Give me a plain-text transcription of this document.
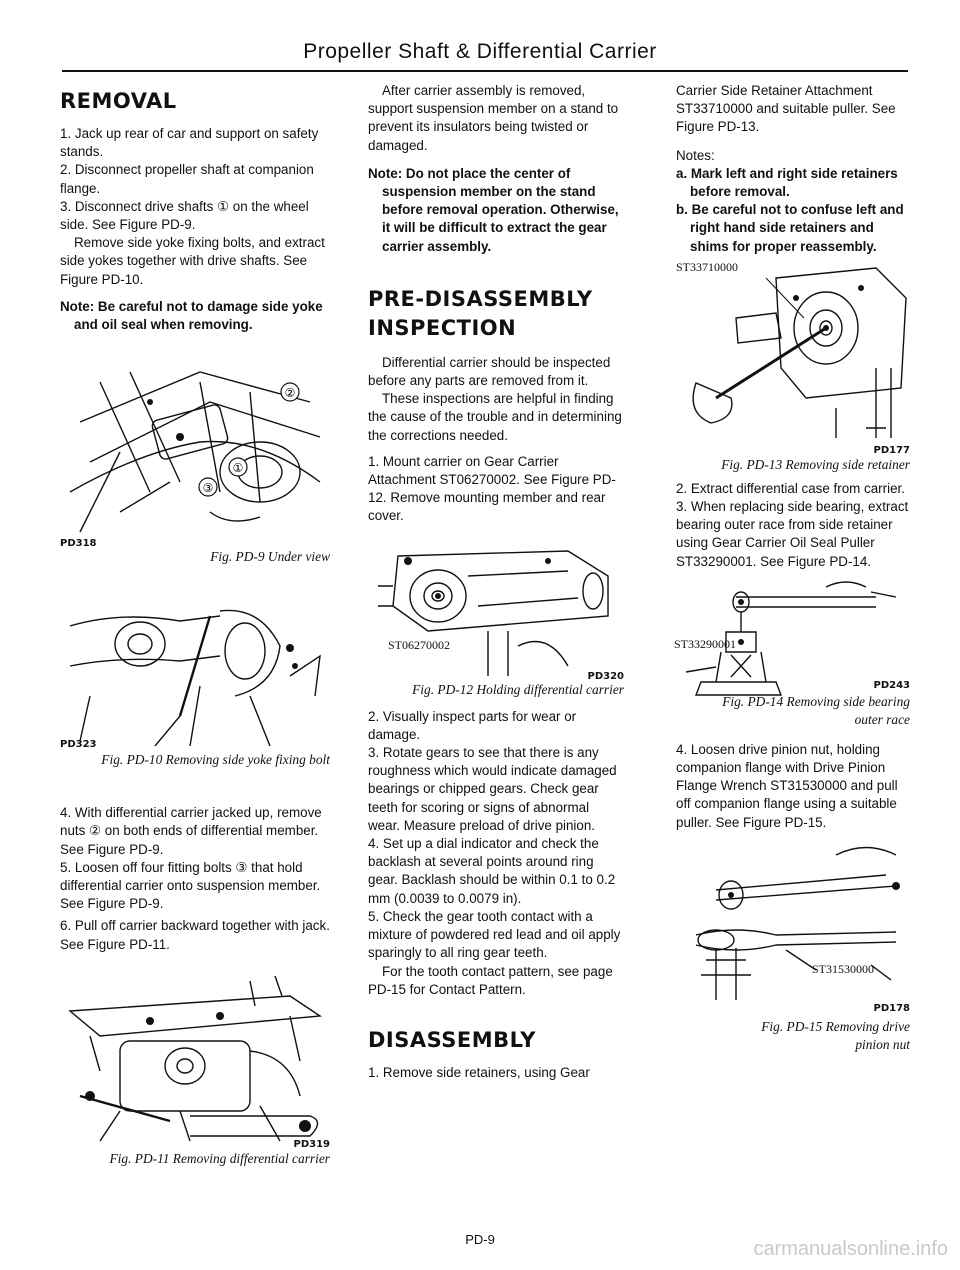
Propeller Shaft & Differential Carrier
REMOVAL

1. Jack up rear of car and support on safety stands.

2. Disconnect propeller shaft at companion flange.

3. Disconnect drive shafts ① on the wheel side. See Figure PD-9.

Remove side yoke fixing bolts, and extract side yokes together with drive shafts. See Figure PD-10.

Note: Be careful not to damage side yoke and oil seal when removing.

②
①
③
PD318
Fig. PD-9 Under view
PD323
Fig. PD-10 Removing side yoke fixing bolt

4. With differential carrier jacked up, remove nuts ② on both ends of differential member. See Figure PD-9.

5. Loosen off four fitting bolts ③ that hold differential carrier onto suspension member. See Figure PD-9.

6. Pull off carrier backward together with jack. See Figure PD-11.

PD319
Fig. PD-11 Removing differential carrier

After carrier assembly is removed, support suspension member on a stand to prevent its insulators being twisted or damaged.

Note: Do not place the center of suspension member on the stand before removal operation. Otherwise, it will be difficult to extract the gear carrier assembly.

PRE-DISASSEMBLY
INSPECTION

Differential carrier should be inspected before any parts are removed from it.

These inspections are helpful in finding the cause of the trouble and in determining the corrections needed.

1. Mount carrier on Gear Carrier Attachment ST06270002. See Figure PD-12. Remove mounting member and rear cover.

ST06270002
PD320
Fig. PD-12 Holding differential carrier

2. Visually inspect parts for wear or damage.

3. Rotate gears to see that there is any roughness which would indicate damaged bearings or chipped gears. Check gear teeth for scoring or signs of abnormal wear. Measure preload of drive pinion.

4. Set up a dial indicator and check the backlash at several points around ring gear. Backlash should be within 0.1 to 0.2 mm (0.0039 to 0.0079 in).

5. Check the gear tooth contact with a mixture of powdered red lead and oil apply sparingly to all ring gear teeth.

For the tooth contact pattern, see page PD-15 for Contact Pattern.

DISASSEMBLY

1. Remove side retainers, using Gear

Carrier Side Retainer Attachment ST33710000 and suitable puller. See Figure PD-13.

Notes:

a. Mark left and right side retainers before removal.

b. Be careful not to confuse left and right hand side retainers and shims for proper reassembly.

ST33710000
PD177
Fig. PD-13 Removing side retainer

2. Extract differential case from carrier.

3. When replacing side bearing, extract bearing outer race from side retainer using Gear Carrier Oil Seal Puller ST33290001. See Figure PD-14.

ST33290001
PD243
Fig. PD-14 Removing side bearing outer race

4. Loosen drive pinion nut, holding companion flange with Drive Pinion Flange Wrench ST31530000 and pull off companion flange using a suitable puller. See Figure PD-15.

ST31530000
PD178
Fig. PD-15 Removing drive pinion nut
PD-9	carmanualsonline.info
